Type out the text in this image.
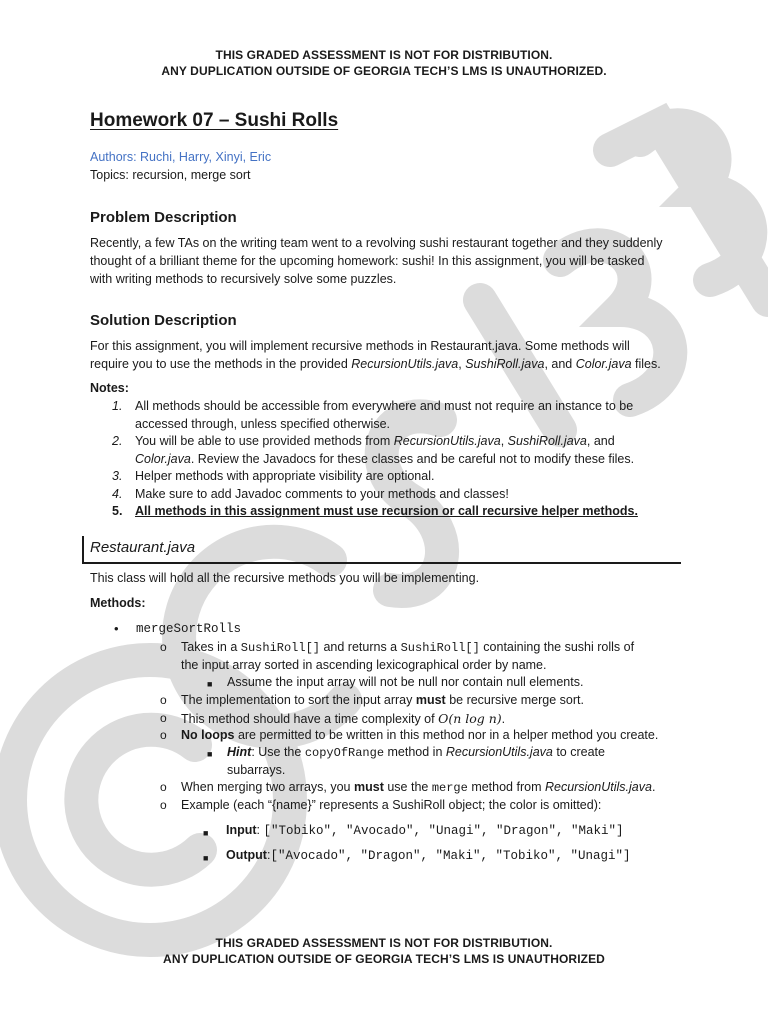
THIS GRADED ASSESSMENT IS NOT FOR DISTRIBUTION.
ANY DUPLICATION OUTSIDE OF GEORGIA TECH’S LMS IS UNAUTHORIZED.
Homework 07 – Sushi Rolls
Authors: Ruchi, Harry, Xinyi, Eric
Topics: recursion, merge sort
Problem Description
Recently, a few TAs on the writing team went to a revolving sushi restaurant together and they suddenly
thought of a brilliant theme for the upcoming homework: sushi! In this assignment, you will be tasked
with writing methods to recursively solve some puzzles.
Solution Description
For this assignment, you will implement recursive methods in Restaurant.java. Some methods will
require you to use the methods in the provided RecursionUtils.java, SushiRoll.java, and Color.java files.
Notes:
1. All methods should be accessible from everywhere and must not require an instance to be
accessed through, unless specified otherwise.
2. You will be able to use provided methods from RecursionUtils.java, SushiRoll.java, and
Color.java. Review the Javadocs for these classes and be careful not to modify these files.
3. Helper methods with appropriate visibility are optional.
4. Make sure to add Javadoc comments to your methods and classes!
5. All methods in this assignment must use recursion or call recursive helper methods.
Restaurant.java
This class will hold all the recursive methods you will be implementing.
Methods:
• mergeSortRolls
o Takes in a SushiRoll[] and returns a SushiRoll[] containing the sushi rolls of
the input array sorted in ascending lexicographical order by name.
■ Assume the input array will not be null nor contain null elements.
o The implementation to sort the input array must be recursive merge sort.
o This method should have a time complexity of O(n log n).
o No loops are permitted to be written in this method nor in a helper method you create.
■ Hint: Use the copyOfRange method in RecursionUtils.java to create
subarrays.
o When merging two arrays, you must use the merge method from RecursionUtils.java.
o Example (each “{name}” represents a SushiRoll object; the color is omitted):
■ Input: ["Tobiko", "Avocado", "Unagi", "Dragon", "Maki"]
■ Output:["Avocado", "Dragon", "Maki", "Tobiko", "Unagi"]
THIS GRADED ASSESSMENT IS NOT FOR DISTRIBUTION.
ANY DUPLICATION OUTSIDE OF GEORGIA TECH’S LMS IS UNAUTHORIZED
